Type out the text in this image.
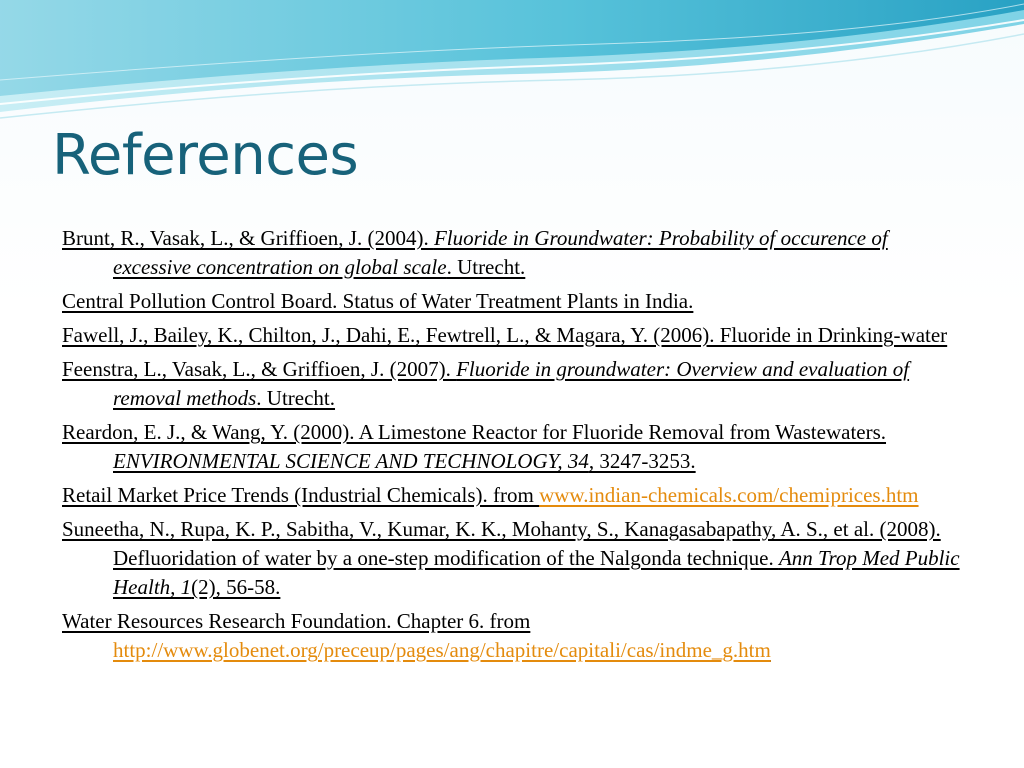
References
Brunt, R., Vasak, L., & Griffioen, J. (2004). Fluoride in Groundwater: Probability of occurence of excessive concentration on global scale. Utrecht.
Central Pollution Control Board. Status of Water Treatment Plants in India.
Fawell, J., Bailey, K., Chilton, J., Dahi, E., Fewtrell, L., & Magara, Y. (2006). Fluoride in Drinking-water
Feenstra, L., Vasak, L., & Griffioen, J. (2007). Fluoride in groundwater: Overview and evaluation of removal methods. Utrecht.
Reardon, E. J., & Wang, Y. (2000). A Limestone Reactor for Fluoride Removal from Wastewaters. ENVIRONMENTAL SCIENCE AND TECHNOLOGY, 34, 3247-3253.
Retail Market Price Trends (Industrial Chemicals). from www.indian-chemicals.com/chemiprices.htm
Suneetha, N., Rupa, K. P., Sabitha, V., Kumar, K. K., Mohanty, S., Kanagasabapathy, A. S., et al. (2008). Defluoridation of water by a one-step modification of the Nalgonda technique. Ann Trop Med Public Health, 1(2), 56-58.
Water Resources Research Foundation. Chapter 6. from http://www.globenet.org/preceup/pages/ang/chapitre/capitali/cas/indme_g.htm
